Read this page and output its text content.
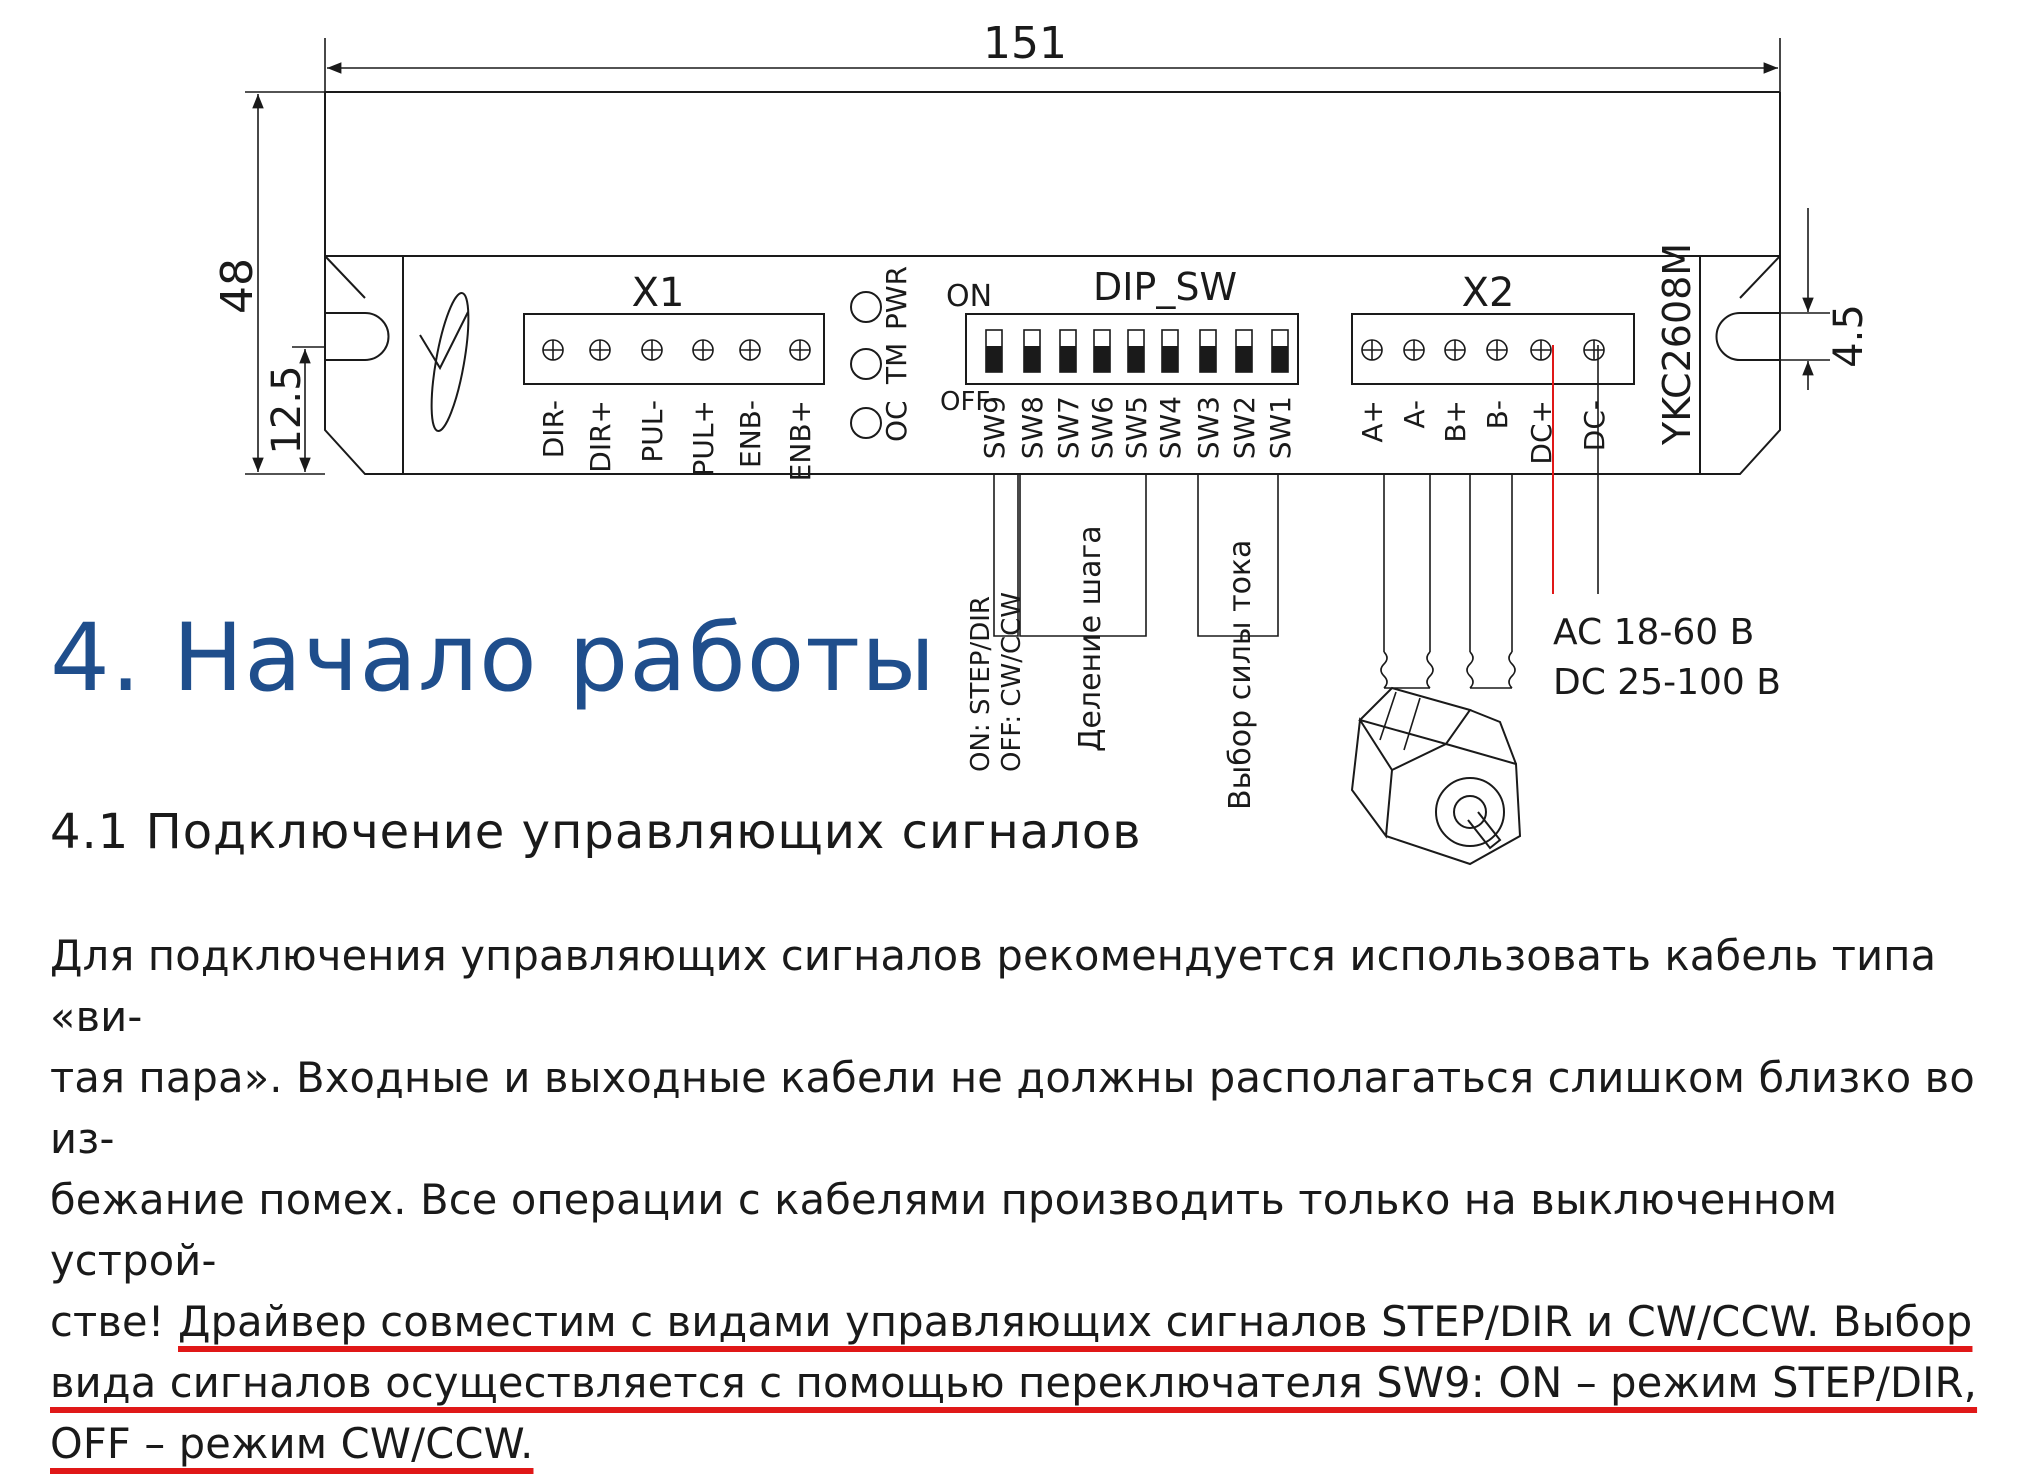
151
48
12.5
4.5
X1
DIR- DIR+ PUL- PUL+ ENB- ENB+
PWR
TM
OC
DIP_SW
ON
OFF
SW9 SW8 SW7 SW6 SW5 SW4 SW3 SW2 SW1
X2
A+ A- B+ B- DC+ DC- YKC2608M
ON: STEP/DIR OFF: CW/CCW Деление шага	Выбор силы тока	AC 18-60 В
DC 25-100 В
4. Начало работы
4.1 Подключение управляющих сигналов
Для подключения управляющих сигналов рекомендуется использовать кабель типа «ви-
тая пара». Входные и выходные кабели не должны располагаться слишком близко во из-
бежание помех. Все операции с кабелями производить только на выключенном устрой-
стве! Драйвер совместим с видами управляющих сигналов STEP/DIR и CW/CCW. Выбор
вида сигналов осуществляется с помощью переключателя SW9: ON – режим STEP/DIR,
OFF – режим CW/CCW.
